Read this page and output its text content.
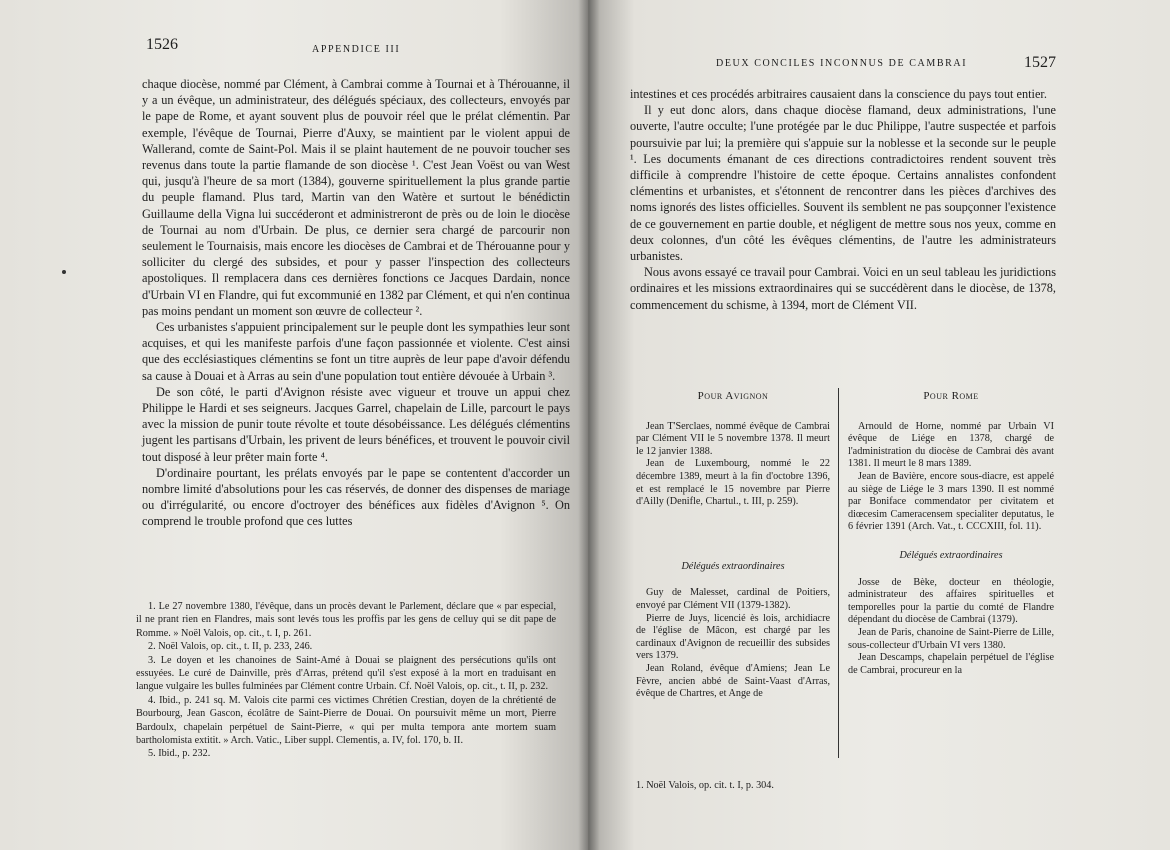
1526	APPENDICE III

chaque diocèse, nommé par Clément, à Cambrai comme à Tournai et à Thérouanne, il y a un évêque, un administrateur, des délégués spéciaux, des collecteurs, envoyés par le pape de Rome, et ayant souvent plus de pouvoir réel que le prélat clémentin. Par exemple, l'évêque de Tournai, Pierre d'Auxy, se maintient par le violent appui de Wallerand, comte de Saint-Pol. Mais il se plaint hautement de ne pouvoir toucher ses revenus dans toute la partie flamande de son diocèse ¹. C'est Jean Voëst ou van West qui, jusqu'à l'heure de sa mort (1384), gouverne spirituellement la plus grande partie du peuple flamand. Plus tard, Martin van den Watère et surtout le bénédictin Guillaume della Vigna lui succéderont et administreront de près ou de loin le diocèse de Tournai au nom d'Urbain. De plus, ce dernier sera chargé de parcourir non seulement le Tournaisis, mais encore les diocèses de Cambrai et de Thérouanne pour y solliciter du clergé des subsides, et pour y passer l'inspection des collecteurs apostoliques. Il remplacera dans ces dernières fonctions ce Jacques Dardain, nonce d'Urbain VI en Flandre, qui fut excommunié en 1382 par Clément, et qui n'en continua pas moins pendant un moment son œuvre de collecteur ².

Ces urbanistes s'appuient principalement sur le peuple dont les sympathies leur sont acquises, et qui les manifeste parfois d'une façon passionnée et violente. C'est ainsi que des ecclésiastiques clémentins se font un titre auprès de leur pape d'avoir défendu sa cause à Douai et à Arras au sein d'une population tout entière dévouée à Urbain ³.

De son côté, le parti d'Avignon résiste avec vigueur et trouve un appui chez Philippe le Hardi et ses seigneurs. Jacques Garrel, chapelain de Lille, parcourt le pays avec la mission de punir toute révolte et toute désobéissance. Les délégués clémentins jugent les partisans d'Urbain, les privent de leurs bénéfices, et trouvent le pouvoir civil tout disposé à leur prêter main forte ⁴.

D'ordinaire pourtant, les prélats envoyés par le pape se contentent d'accorder un nombre limité d'absolutions pour les cas réservés, de donner des dispenses de mariage ou d'irrégularité, ou encore d'octroyer des bénéfices aux fidèles d'Avignon ⁵. On comprend le trouble profond que ces luttes

1. Le 27 novembre 1380, l'évêque, dans un procès devant le Parlement, déclare que « par especial, il ne prant rien en Flandres, mais sont levés tous les proffis par les gens de celluy qui se dit pape de Romme. » Noël Valois, op. cit., t. I, p. 261.

2. Noël Valois, op. cit., t. II, p. 233, 246.

3. Le doyen et les chanoines de Saint-Amé à Douai se plaignent des persécutions qu'ils ont essuyées. Le curé de Dainville, près d'Arras, prétend qu'il s'est exposé à la mort en traduisant en langue vulgaire les bulles fulminées par Clément contre Urbain. Cf. Noël Valois, op. cit., t. II, p. 232.

4. Ibid., p. 241 sq. M. Valois cite parmi ces victimes Chrétien Crestian, doyen de la chrétienté de Bourbourg, Jean Gascon, écolâtre de Saint-Pierre de Douai. On poursuivit même un mort, Pierre Bardoulx, chapelain perpétuel de Saint-Pierre, « qui per multa tempora ante mortem suam bartholomista extitit. » Arch. Vatic., Liber suppl. Clementis, a. IV, fol. 170, b. II.

5. Ibid., p. 232.

DEUX CONCILES INCONNUS DE CAMBRAI	1527

intestines et ces procédés arbitraires causaient dans la conscience du pays tout entier.

Il y eut donc alors, dans chaque diocèse flamand, deux administrations, l'une ouverte, l'autre occulte; l'une protégée par le duc Philippe, l'autre suspectée et parfois poursuivie par lui; la première qui s'appuie sur la noblesse et la seconde sur le peuple ¹. Les documents émanant de ces directions contradictoires rendent souvent très difficile à comprendre l'histoire de cette époque. Certains annalistes confondent clémentins et urbanistes, et s'étonnent de rencontrer dans les pièces d'archives des noms ignorés des listes officielles. Souvent ils semblent ne pas soupçonner l'existence de ce gouvernement en partie double, et négligent de mettre sous nos yeux, comme en deux colonnes, d'un côté les évêques clémentins, de l'autre les administrateurs urbanistes.

Nous avons essayé ce travail pour Cambrai. Voici en un seul tableau les juridictions ordinaires et les missions extraordinaires qui se succédèrent dans le diocèse, de 1378, commencement du schisme, à 1394, mort de Clément VII.

Pour Avignon

Jean T'Serclaes, nommé évêque de Cambrai par Clément VII le 5 novembre 1378. Il meurt le 12 janvier 1388.

Jean de Luxembourg, nommé le 22 décembre 1389, meurt à la fin d'octobre 1396, et est remplacé le 15 novembre par Pierre d'Ailly (Denifle, Chartul., t. III, p. 259).

Délégués extraordinaires

Guy de Malesset, cardinal de Poitiers, envoyé par Clément VII (1379-1382).

Pierre de Juys, licencié ès lois, archidiacre de l'église de Mâcon, est chargé par les cardinaux d'Avignon de recueillir des subsides vers 1379.

Jean Roland, évêque d'Amiens; Jean Le Fèvre, ancien abbé de Saint-Vaast d'Arras, évêque de Chartres, et Ange de

Pour Rome

Arnould de Horne, nommé par Urbain VI évêque de Liége en 1378, chargé de l'administration du diocèse de Cambrai dès avant 1381. Il meurt le 8 mars 1389.

Jean de Bavière, encore sous-diacre, est appelé au siège de Liége le 3 mars 1390. Il est nommé par Boniface commendator per civitatem et diœcesim Cameracensem specialiter deputatus, le 6 février 1391 (Arch. Vat., t. CCCXIII, fol. 11).

Délégués extraordinaires

Josse de Bèke, docteur en théologie, administrateur des affaires spirituelles et temporelles pour la partie du comté de Flandre dépendant du diocèse de Cambrai (1379).

Jean de Paris, chanoine de Saint-Pierre de Lille, sous-collecteur d'Urbain VI vers 1380.

Jean Descamps, chapelain perpétuel de l'église de Cambrai, procureur en la

1. Noël Valois, op. cit. t. I, p. 304.
